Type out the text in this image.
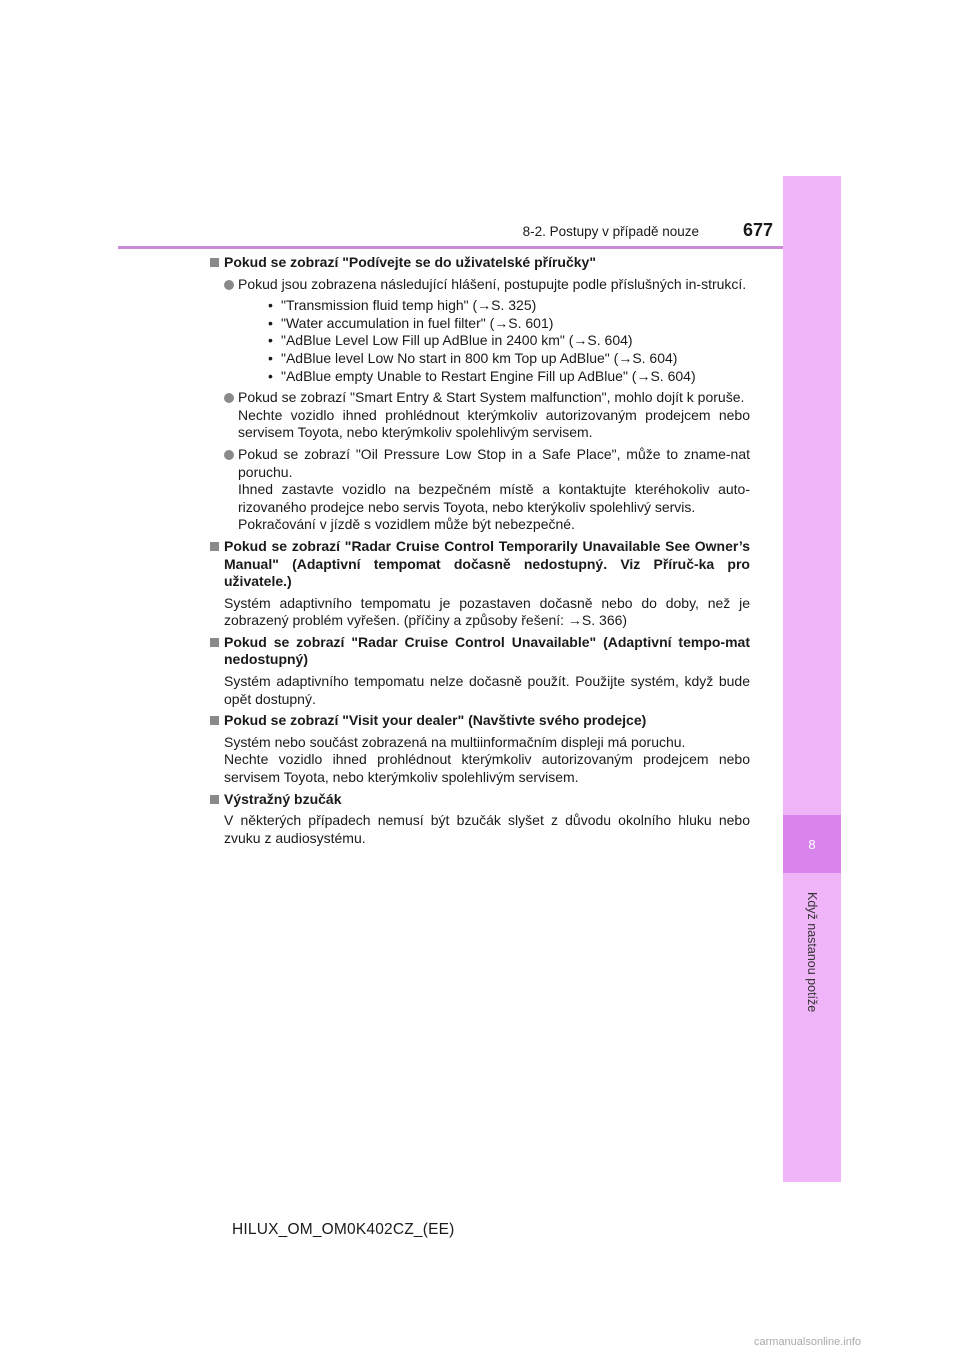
8
Když nastanou potíže
8-2. Postupy v případě nouze 677
Pokud se zobrazí "Podívejte se do uživatelské příručky"
Pokud jsou zobrazena následující hlášení, postupujte podle příslušných in-strukcí.
• "Transmission fluid temp high" (→S. 325)
• "Water accumulation in fuel filter" (→S. 601)
• "AdBlue Level Low Fill up AdBlue in 2400 km" (→S. 604)
• "AdBlue level Low No start in 800 km Top up AdBlue" (→S. 604)
• "AdBlue empty Unable to Restart Engine Fill up AdBlue" (→S. 604)
Pokud se zobrazí "Smart Entry & Start System malfunction", mohlo dojít k poruše.
Nechte vozidlo ihned prohlédnout kterýmkoliv autorizovaným prodejcem nebo servisem Toyota, nebo kterýmkoliv spolehlivým servisem.
Pokud se zobrazí "Oil Pressure Low Stop in a Safe Place", může to zname-nat poruchu.
Ihned zastavte vozidlo na bezpečném místě a kontaktujte kteréhokoliv auto-rizovaného prodejce nebo servis Toyota, nebo kterýkoliv spolehlivý servis.
Pokračování v jízdě s vozidlem může být nebezpečné.
Pokud se zobrazí "Radar Cruise Control Temporarily Unavailable See Owner’s Manual" (Adaptivní tempomat dočasně nedostupný. Viz Příruč-ka pro uživatele.)
Systém adaptivního tempomatu je pozastaven dočasně nebo do doby, než je zobrazený problém vyřešen. (příčiny a způsoby řešení: →S. 366)
Pokud se zobrazí "Radar Cruise Control Unavailable" (Adaptivní tempo-mat nedostupný)
Systém adaptivního tempomatu nelze dočasně použít. Použijte systém, když bude opět dostupný.
Pokud se zobrazí "Visit your dealer" (Navštivte svého prodejce)
Systém nebo součást zobrazená na multiinformačním displeji má poruchu.
Nechte vozidlo ihned prohlédnout kterýmkoliv autorizovaným prodejcem nebo servisem Toyota, nebo kterýmkoliv spolehlivým servisem.
Výstražný bzučák
V některých případech nemusí být bzučák slyšet z důvodu okolního hluku nebo zvuku z audiosystému.
HILUX_OM_OM0K402CZ_(EE)
carmanualsonline.info
